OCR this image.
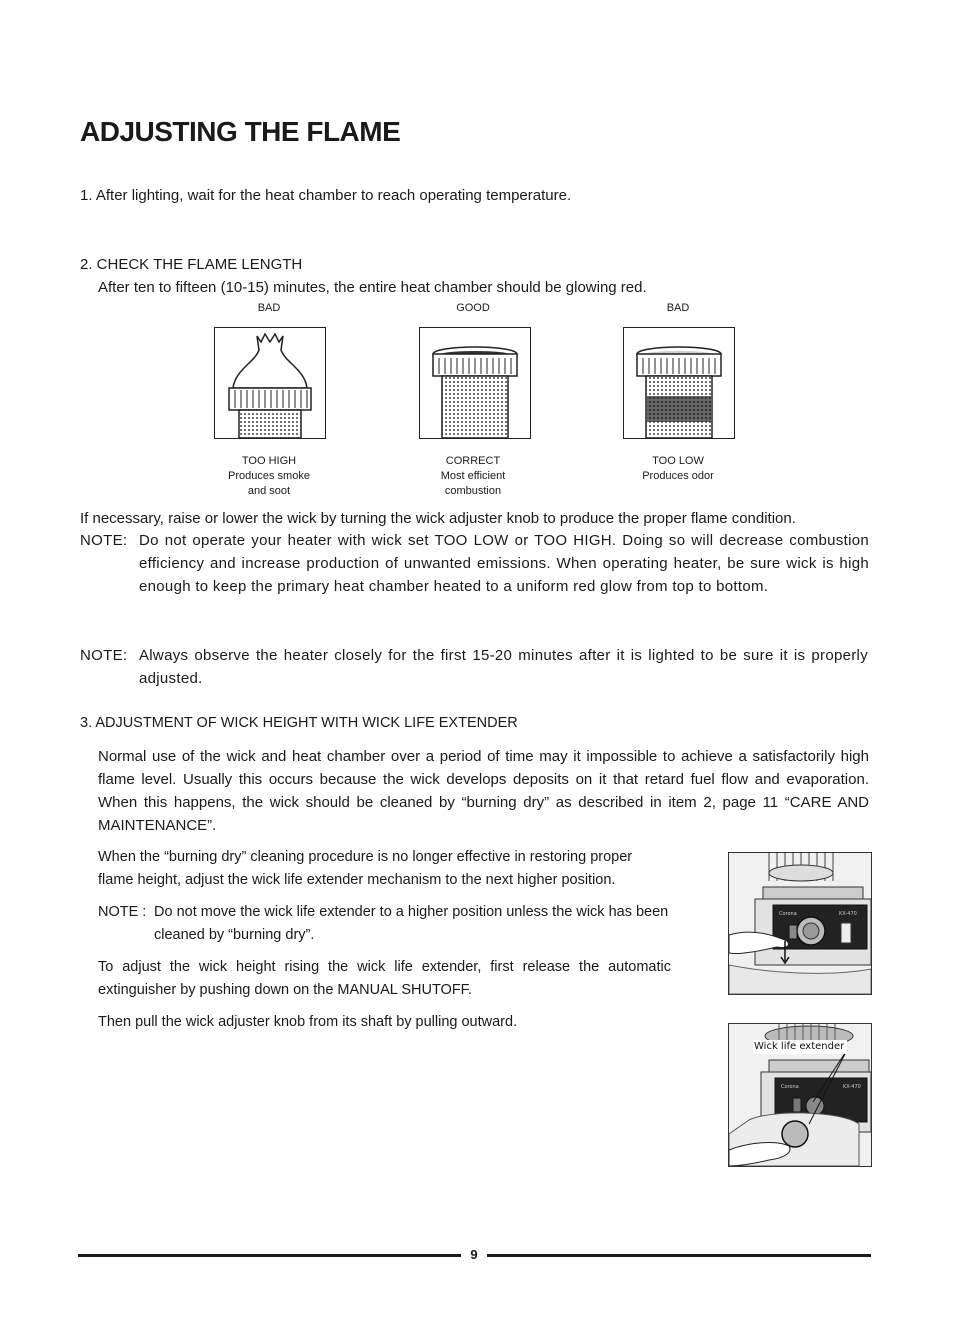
ADJUSTING THE FLAME
1. After lighting, wait for the heat chamber to reach operating temperature.
2. CHECK THE FLAME LENGTH
After ten to fifteen (10-15) minutes, the entire heat chamber should be glowing red.
BAD	GOOD	BAD
TOO HIGH
Produces smoke
and soot
CORRECT
Most efficient
combustion
TOO LOW
Produces odor
If necessary, raise or lower the wick by turning the wick adjuster knob to produce the proper flame condition.
NOTE: Do not operate your heater with wick set TOO LOW or TOO HIGH. Doing so will decrease combustion efficiency and increase production of unwanted emissions. When operating heater, be sure wick is high enough to keep the primary heat chamber heated to a uniform red glow from top to bottom.
NOTE: Always observe the heater closely for the first 15-20 minutes after it is lighted to be sure it is properly adjusted.
3. ADJUSTMENT OF WICK HEIGHT WITH WICK LIFE EXTENDER
Normal use of the wick and heat chamber over a period of time may it impossible to achieve a satisfactorily high flame level. Usually this occurs because the wick develops deposits on it that retard fuel flow and evaporation. When this happens, the wick should be cleaned by “burning dry” as described in item 2, page 11 “CARE AND MAINTENANCE”.
When the “burning dry” cleaning procedure is no longer effective in restoring proper flame height, adjust the wick life extender mechanism to the next higher position.
NOTE : Do not move the wick life extender to a higher position unless the wick has been cleaned by “burning dry”.
To adjust the wick height rising the wick life extender, first release the automatic extinguisher by pushing down on the MANUAL SHUTOFF.
Then pull the wick adjuster knob from its shaft by pulling outward.
Corona	KX-470
Corona	KX-470
Wick life extender
9
